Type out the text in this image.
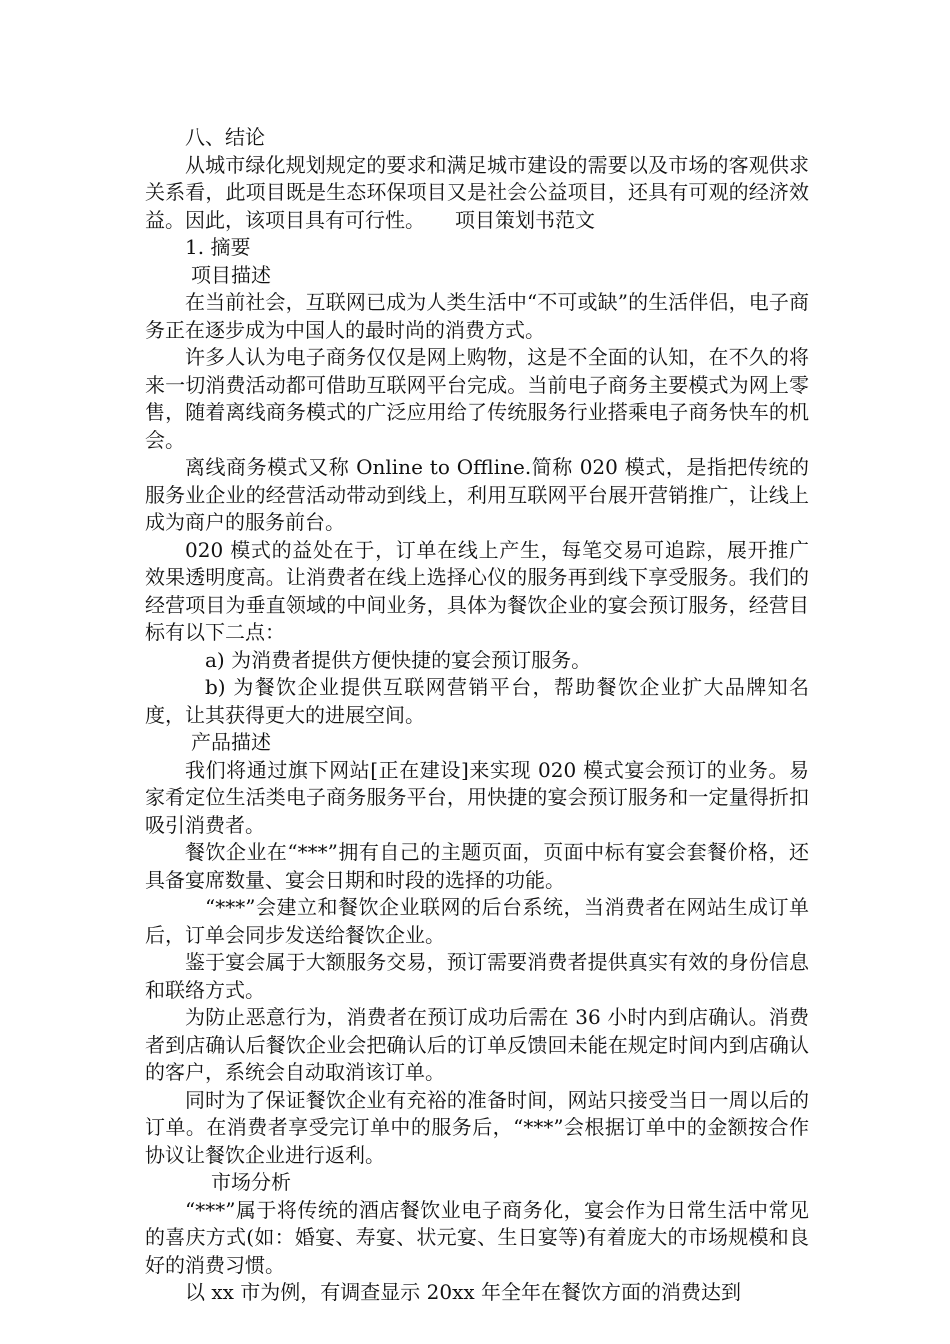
八、结论

从城市绿化规划规定的要求和满足城市建设的需要以及市场的客观供求关系看，此项目既是生态环保项目又是社会公益项目，还具有可观的经济效益。因此，该项目具有可行性。　　项目策划书范文

1. 摘要

项目描述

在当前社会，互联网已成为人类生活中“不可或缺”的生活伴侣，电子商务正在逐步成为中国人的最时尚的消费方式。

许多人认为电子商务仅仅是网上购物，这是不全面的认知，在不久的将来一切消费活动都可借助互联网平台完成。当前电子商务主要模式为网上零售，随着离线商务模式的广泛应用给了传统服务行业搭乘电子商务快车的机会。

离线商务模式又称 Online to Offline.简称 020 模式，是指把传统的服务业企业的经营活动带动到线上，利用互联网平台展开营销推广，让线上成为商户的服务前台。

020 模式的益处在于，订单在线上产生，每笔交易可追踪，展开推广效果透明度高。让消费者在线上选择心仪的服务再到线下享受服务。我们的经营项目为垂直领域的中间业务，具体为餐饮企业的宴会预订服务，经营目标有以下二点：

a) 为消费者提供方便快捷的宴会预订服务。

b) 为餐饮企业提供互联网营销平台，帮助餐饮企业扩大品牌知名度，让其获得更大的进展空间。

产品描述

我们将通过旗下网站[正在建设]来实现 020 模式宴会预订的业务。易家肴定位生活类电子商务服务平台，用快捷的宴会预订服务和一定量得折扣吸引消费者。

餐饮企业在“***”拥有自己的主题页面，页面中标有宴会套餐价格，还具备宴席数量、宴会日期和时段的选择的功能。

“***”会建立和餐饮企业联网的后台系统，当消费者在网站生成订单后，订单会同步发送给餐饮企业。

鉴于宴会属于大额服务交易，预订需要消费者提供真实有效的身份信息和联络方式。

为防止恶意行为，消费者在预订成功后需在 36 小时内到店确认。消费者到店确认后餐饮企业会把确认后的订单反馈回未能在规定时间内到店确认的客户，系统会自动取消该订单。

同时为了保证餐饮企业有充裕的准备时间，网站只接受当日一周以后的订单。在消费者享受完订单中的服务后，“***”会根据订单中的金额按合作协议让餐饮企业进行返利。

市场分析

“***”属于将传统的酒店餐饮业电子商务化，宴会作为日常生活中常见的喜庆方式(如：婚宴、寿宴、状元宴、生日宴等)有着庞大的市场规模和良好的消费习惯。

以 xx 市为例，有调查显示 20xx 年全年在餐饮方面的消费达到
